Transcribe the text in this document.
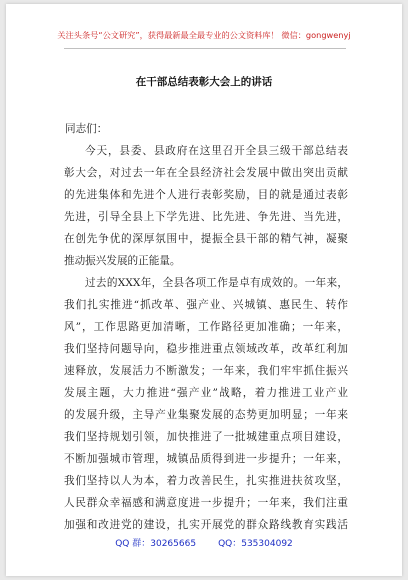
关注头条号“公文研究”，获得最新最全最专业的公文资料库！ 微信：gongwenyj
在干部总结表彰大会上的讲话
同志们：
今天，县委、县政府在这里召开全县三级干部总结表
彰大会，对过去一年在全县经济社会发展中做出突出贡献
的先进集体和先进个人进行表彰奖励，目的就是通过表彰
先进，引导全县上下学先进、比先进、争先进、当先进，
在创先争优的深厚氛围中，提振全县干部的精气神，凝聚
推动振兴发展的正能量。
过去的XXX年，全县各项工作是卓有成效的。一年来，
我们扎实推进“抓改革、强产业、兴城镇、惠民生、转作
风”，工作思路更加清晰，工作路径更加准确；一年来，
我们坚持问题导向，稳步推进重点领域改革，改革红利加
速释放，发展活力不断激发；一年来，我们牢牢抓住振兴
发展主题，大力推进“强产业”战略，着力推进工业产业
的发展升级，主导产业集聚发展的态势更加明显；一年来
我们坚持规划引领，加快推进了一批城建重点项目建设，
不断加强城市管理，城镇品质得到进一步提升；一年来，
我们坚持以人为本，着力改善民生，扎实推进扶贫攻坚，
人民群众幸福感和满意度进一步提升；一年来，我们注重
加强和改进党的建设，扎实开展党的群众路线教育实践活
QQ 群：30265665 QQ：535304092
